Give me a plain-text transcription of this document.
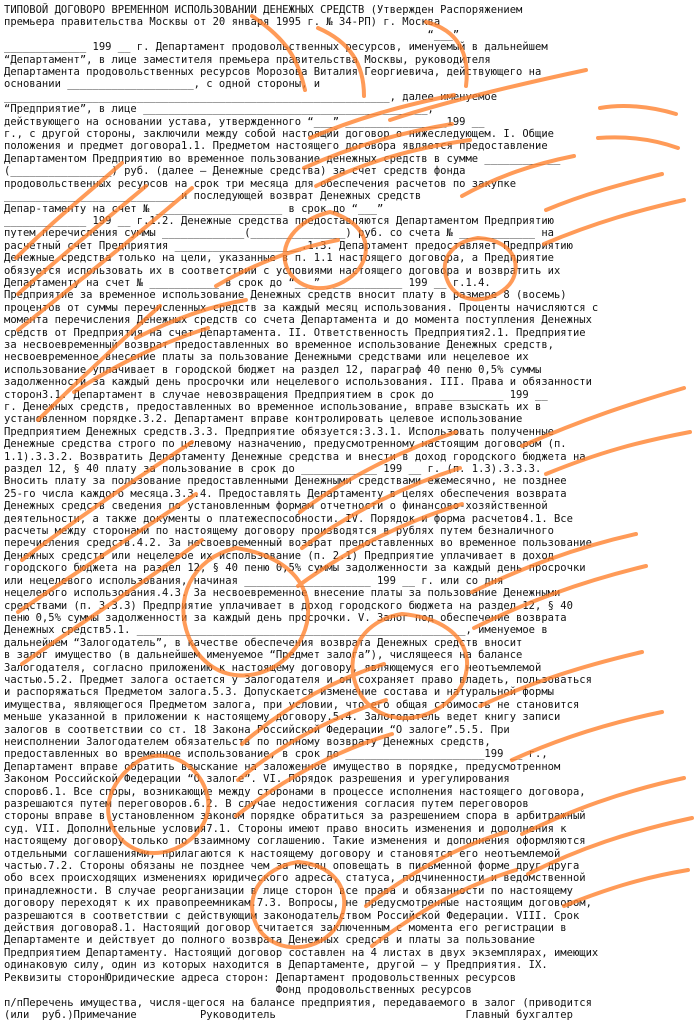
ТИПОВОЙ ДОГОВОРО ВРЕМЕННОМ ИСПОЛЬЗОВАНИИ ДЕНЕЖНЫХ СРЕДСТВ (Утвержден Распоряжением
премьера правительства Москвы от 20 января 1995 г. № 34-РП) г. Москва
“___”
_____________ 199 __ г. Департамент продовольственных ресурсов, именуемый в дальнейшем
“Департамент”, в лице заместителя премьера правительства Москвы, руководителя
Департамента продовольственных ресурсов Морозова Виталия Георгиевича, действующего на
основании ____________________, с одной стороны, и
_____________________________________________________________, далее именуемое
“Предприятие”, в лице _____________________________________________,
действующего на основании устава, утвержденного “___” ________________199 __
г., с другой стороны, заключили между собой настоящий договор о нижеследующем. I. Общие
положения и предмет договора1.1. Предметом настоящего договора является предоставление
Департаментом Предприятию во временное пользование денежных средств в сумме ____________
(________________) руб. (далее – Денежные средства) за счет средств фонда
продовольственных ресурсов на срок три месяца для обеспечения расчетов по закупке
___________________________ и последующей возврат Денежных средств
Депар-таменту на счет № ____________________ в срок до “___”
_____________ 199 __ г.1.2. Денежные средства предоставляются Департаментом Предприятию
путем перечисления суммы _____________(_______________) руб. со счета № ____________ на
расчетный счет Предприятия ____________________.1.3. Департамент предоставляет Предприятию
Денежные средства только на цели, указанные в п. 1.1 настоящего договора, а Предприятие
обязуется использовать их в соответствии с условиями настоящего договора и возвратить их
Департаменту на счет № ___________ в срок до “___” ____________ 199 __ г.1.4.
Предприятие за временное использование Денежных средств вносит плату в размере 8 (восемь)
процентов от суммы перечисленных средств за каждый месяц использования. Проценты начисляются с
момента перечисления Денежных средств со счета Департамента и до момента поступления Денежных
средств от Предприятия на счет Департамента. II. Ответственность Предприятия2.1. Предприятие
за несвоевременный возврат предоставленных во временное использование Денежных средств,
несвоевременное внесение платы за пользование Денежными средствами или нецелевое их
использование уплачивает в городской бюджет на раздел 12, параграф 40 пеню 0,5% суммы
задолженности за каждый день просрочки или нецелевого использования. III. Права и обязанности
сторон3.1. Департамент в случае невозвращения Предприятием в срок до __________ 199 __
г. Денежных средств, предоставленных во временное использование, вправе взыскать их в
установленном порядке.3.2. Департамент вправе контролировать целевое использование
Предприятием Денежных средств.3.3. Предприятие обязуется:3.3.1. Использовать полученные
Денежные средства строго по целевому назначению, предусмотренному настоящим договором (п.
1.1).3.3.2. Возвратить Департаменту Денежные средства и внести в доход городского бюджета на
раздел 12, § 40 плату за пользование в срок до ____________ 199 __ г. (п. 1.3).3.3.3.
Вносить плату за пользование предоставленными Денежными средствами ежемесячно, не позднее
25-го числа каждого месяца.3.3.4. Предоставлять Департаменту в целях обеспечения возврата
Денежных средств сведения по установленным формам отчетности о финансово-хозяйственной
деятельности, а также документы о платежеспособности. IV. Порядок и форма расчетов4.1. Все
расчеты между сторонами по настоящему договору производятся в рублях путем безналичного
перечисления средств.4.2. За несвоевременный возврат предоставленных во временное пользование
Денежных средств или нецелевое их использование (п. 2.1) Предприятие уплачивает в доход
городского бюджета на раздел 12, § 40 пеню 0,5% суммы задолженности за каждый день просрочки
или нецелевого использования, начиная ____________________ 199 __ г. или со дня
нецелевого использования.4.3. За несвоевременное внесение платы за пользование Денежными
средствами (п. 3.3.3) Предприятие уплачивает в доход городского бюджета на раздел 12, § 40
пеню 0,5% суммы задолженности за каждый день просрочки. V. Залог под обеспечение возврата
Денежных средств5.1. ____________________________________________________, именуемое в
дальнейшем “Залогодатель”, в качестве обеспечения возврата Денежных средств вносит
в залог имущество (в дальнейшем именуемое “Предмет залога”), числящееся на балансе
Залогодателя, согласно приложению к настоящему договору, являющемуся его неотъемлемой
частью.5.2. Предмет залога остается у Залогодателя и он сохраняет право владеть, пользоваться
и распоряжаться Предметом залога.5.3. Допускается изменение состава и натуральной формы
имущества, являющегося Предметом залога, при условии, что его общая стоимость не становится
меньше указанной в приложении к настоящему договору.5.4. Залогодатель ведет книгу записи
залогов в соответствии со ст. 18 Закона Российской Федерации “О залоге”.5.5. При
неисполнении Залогодателем обязательств по полному возврату Денежных средств,
предоставленных во временное использование, в срок до ______________________199 __ г.,
Департамент вправе обратить взыскание на заложенное имущество в порядке, предусмотренном
Законом Российской Федерации “О залоге”. VI. Порядок разрешения и урегулирования
споров6.1. Все споры, возникающие между сторонами в процессе исполнения настоящего договора,
разрешаются путем переговоров.6.2. В случае недостижения согласия путем переговоров
стороны вправе в установленном законом порядке обратиться за разрешением спора в арбитражный
суд. VII. Дополнительные условия7.1. Стороны имеют право вносить изменения и дополнения к
настоящему договору только по взаимному соглашению. Такие изменения и дополнения оформляются
отдельными соглашениями, прилагаются к настоящему договору и становятся его неотъемлемой
частью.7.2. Стороны обязаны не позднее чем за месяц оповещать в письменной форме друг друга
обо всех происходящих изменениях юридического адреса, статуса, подчиненности и ведомственной
принадлежности. В случае реорганизации в лице сторон все права и обязанности по настоящему
договору переходят к их правопреемникам.7.3. Вопросы, не предусмотренные настоящим договором,
разрешаются в соответствии с действующим законодательством Российской Федерации. VIII. Срок
действия договора8.1. Настоящий договор считается заключенным с момента его регистрации в
Департаменте и действует до полного возврата Денежных средств и платы за пользование
Предприятием Департаменту. Настоящий договор составлен на 4 листах в двух экземплярах, имеющих
одинаковую силу, один из которых находится в Департаменте, другой – у Предприятия. IX.
Реквизиты сторонЮридические адреса сторон: Департамент продовольственных ресурсов
Фонд продовольственных ресурсов
п/пПеречень имущества, числя-щегося на балансе предприятия, передаваемого в залог (приводится
(или  руб.)Примечание          Руководитель                              Главный бухгалтер
